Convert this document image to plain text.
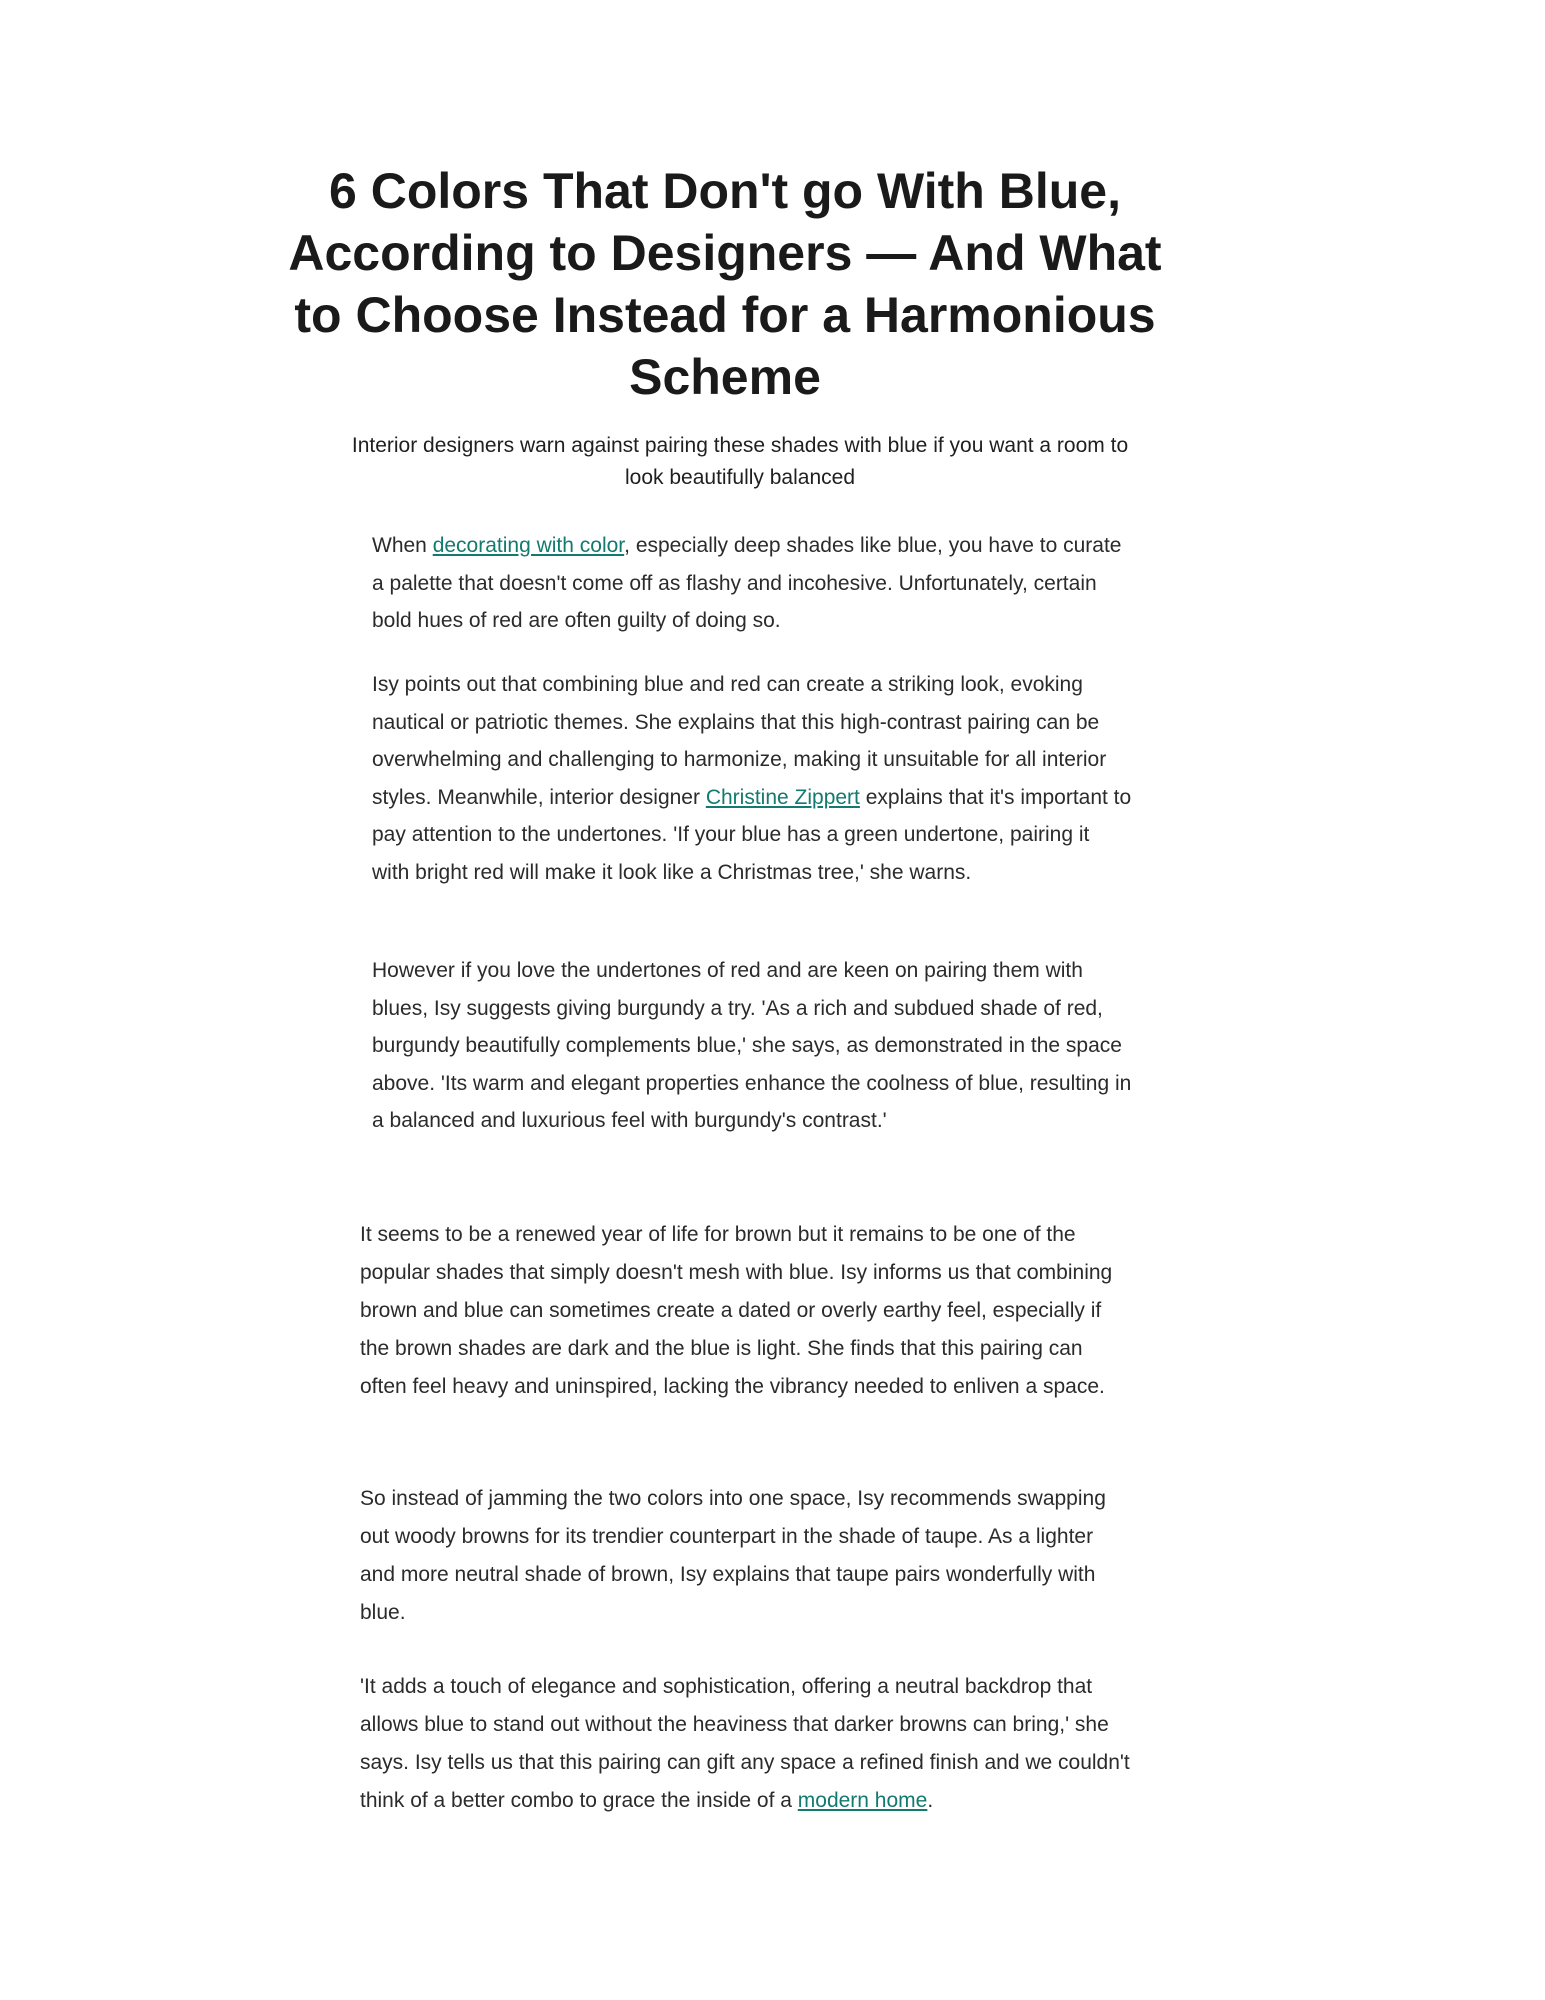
6 Colors That Don't go With Blue, According to Designers — And What to Choose Instead for a Harmonious Scheme

Interior designers warn against pairing these shades with blue if you want a room to look beautifully balanced

When decorating with color, especially deep shades like blue, you have to curate a palette that doesn't come off as flashy and incohesive. Unfortunately, certain bold hues of red are often guilty of doing so.

Isy points out that combining blue and red can create a striking look, evoking nautical or patriotic themes. She explains that this high-contrast pairing can be overwhelming and challenging to harmonize, making it unsuitable for all interior styles. Meanwhile, interior designer Christine Zippert explains that it's important to pay attention to the undertones. 'If your blue has a green undertone, pairing it with bright red will make it look like a Christmas tree,' she warns.

However if you love the undertones of red and are keen on pairing them with blues, Isy suggests giving burgundy a try. 'As a rich and subdued shade of red, burgundy beautifully complements blue,' she says, as demonstrated in the space above. 'Its warm and elegant properties enhance the coolness of blue, resulting in a balanced and luxurious feel with burgundy's contrast.'

It seems to be a renewed year of life for brown but it remains to be one of the popular shades that simply doesn't mesh with blue. Isy informs us that combining brown and blue can sometimes create a dated or overly earthy feel, especially if the brown shades are dark and the blue is light. She finds that this pairing can often feel heavy and uninspired, lacking the vibrancy needed to enliven a space.

So instead of jamming the two colors into one space, Isy recommends swapping out woody browns for its trendier counterpart in the shade of taupe. As a lighter and more neutral shade of brown, Isy explains that taupe pairs wonderfully with blue.

'It adds a touch of elegance and sophistication, offering a neutral backdrop that allows blue to stand out without the heaviness that darker browns can bring,' she says. Isy tells us that this pairing can gift any space a refined finish and we couldn't think of a better combo to grace the inside of a modern home.
